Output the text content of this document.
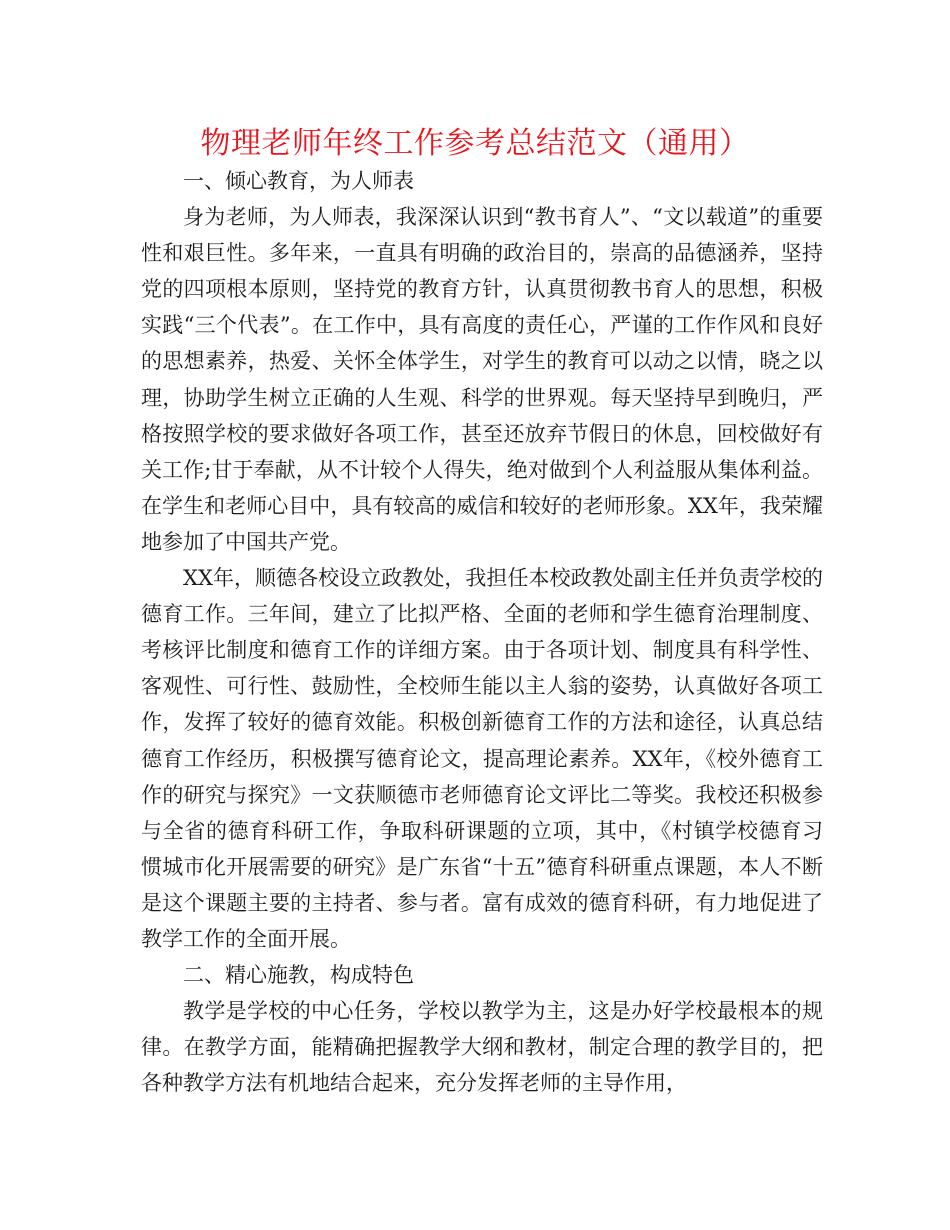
物理老师年终工作参考总结范文（通用）

一、倾心教育，为人师表

身为老师，为人师表，我深深认识到“教书育人”、“文以载道”的重要性和艰巨性。多年来，一直具有明确的政治目的，崇高的品德涵养，坚持党的四项根本原则，坚持党的教育方针，认真贯彻教书育人的思想，积极实践“三个代表”。在工作中，具有高度的责任心，严谨的工作作风和良好的思想素养，热爱、关怀全体学生，对学生的教育可以动之以情，晓之以理，协助学生树立正确的人生观、科学的世界观。每天坚持早到晚归，严格按照学校的要求做好各项工作，甚至还放弃节假日的休息，回校做好有关工作;甘于奉献，从不计较个人得失，绝对做到个人利益服从集体利益。在学生和老师心目中，具有较高的威信和较好的老师形象。XX年，我荣耀地参加了中国共产党。

XX年，顺德各校设立政教处，我担任本校政教处副主任并负责学校的德育工作。三年间，建立了比拟严格、全面的老师和学生德育治理制度、考核评比制度和德育工作的详细方案。由于各项计划、制度具有科学性、客观性、可行性、鼓励性，全校师生能以主人翁的姿势，认真做好各项工作，发挥了较好的德育效能。积极创新德育工作的方法和途径，认真总结德育工作经历，积极撰写德育论文，提高理论素养。XX年，《校外德育工作的研究与探究》一文获顺德市老师德育论文评比二等奖。我校还积极参与全省的德育科研工作，争取科研课题的立项，其中，《村镇学校德育习惯城市化开展需要的研究》是广东省“十五”德育科研重点课题，本人不断是这个课题主要的主持者、参与者。富有成效的德育科研，有力地促进了教学工作的全面开展。

二、精心施教，构成特色

教学是学校的中心任务，学校以教学为主，这是办好学校最根本的规律。在教学方面，能精确把握教学大纲和教材，制定合理的教学目的，把各种教学方法有机地结合起来，充分发挥老师的主导作用，
